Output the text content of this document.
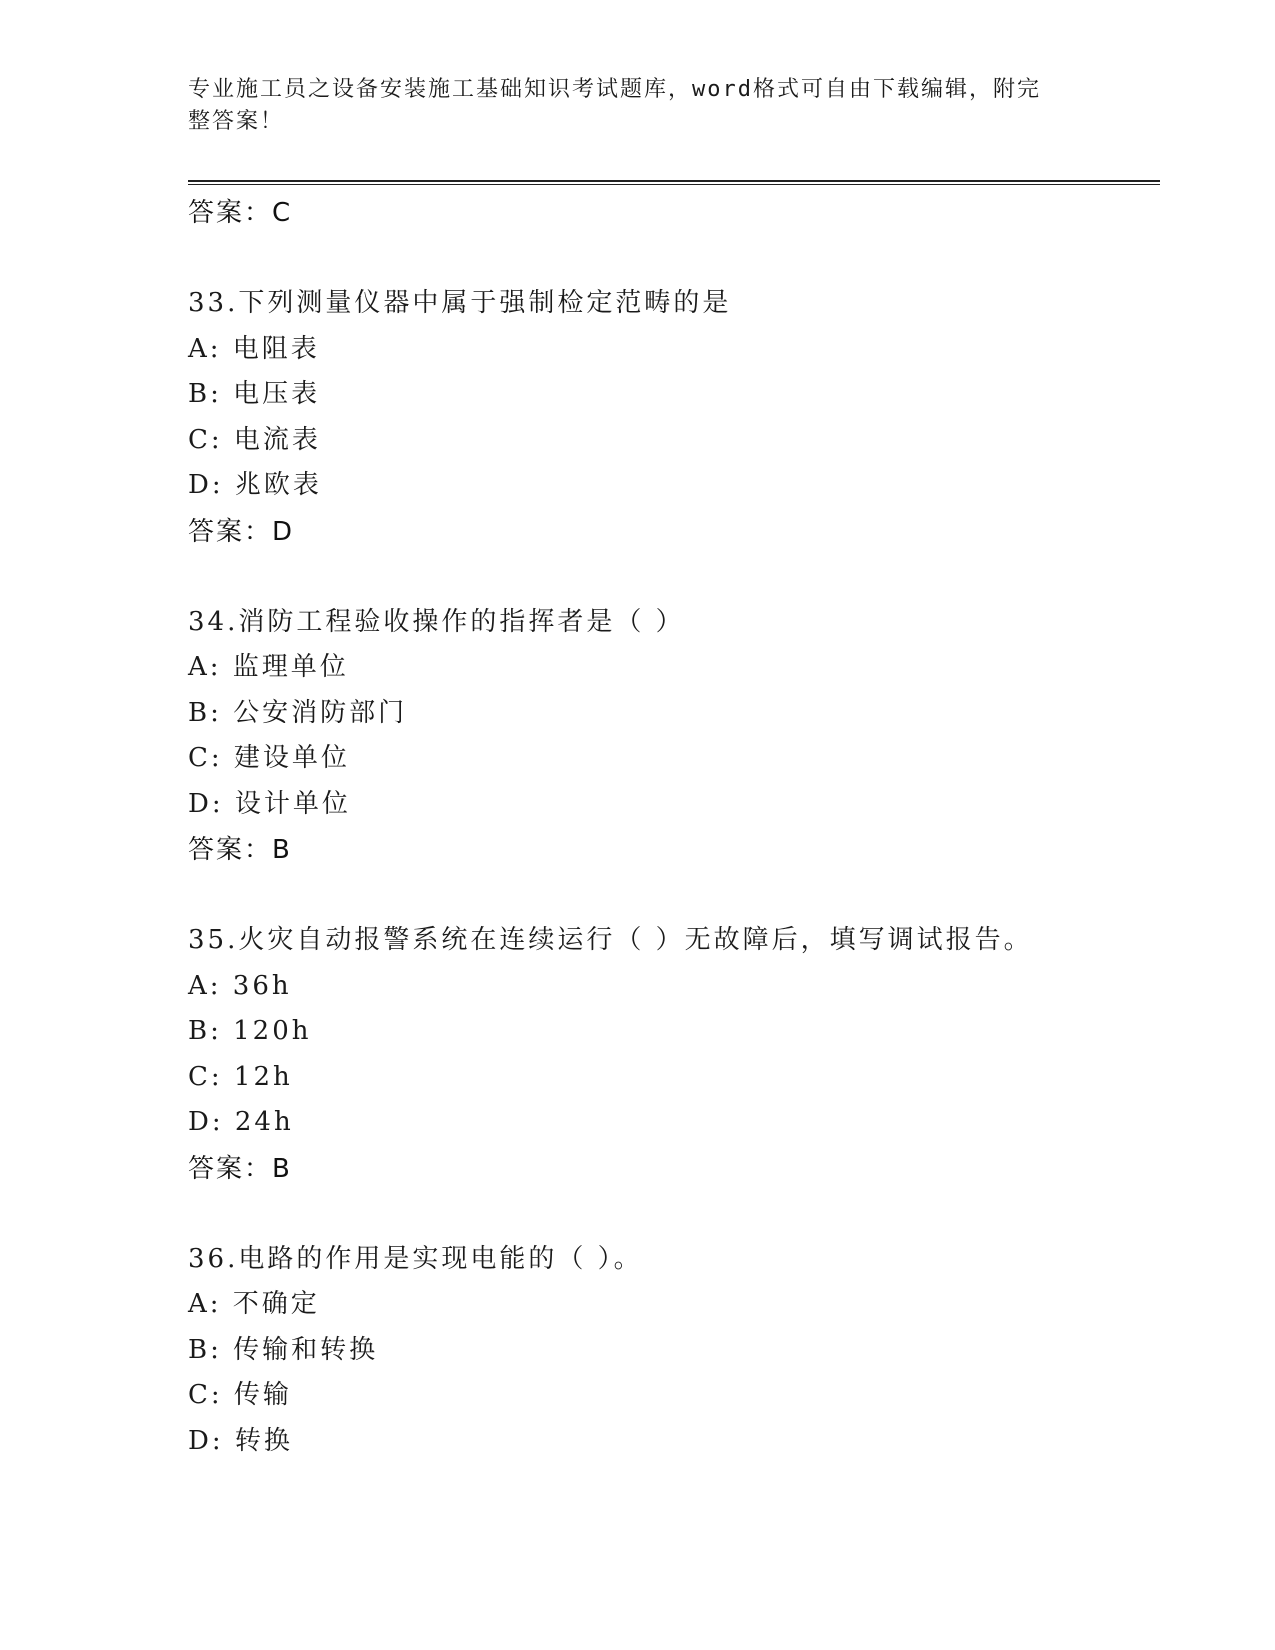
专业施工员之设备安装施工基础知识考试题库，word格式可自由下载编辑，附完
整答案！
答案：C
33.下列测量仪器中属于强制检定范畴的是
A: 电阻表
B: 电压表
C: 电流表
D: 兆欧表
答案：D
34.消防工程验收操作的指挥者是（ ）
A: 监理单位
B: 公安消防部门
C: 建设单位
D: 设计单位
答案：B
35.火灾自动报警系统在连续运行（ ）无故障后，填写调试报告。
A: 36h
B: 120h
C: 12h
D: 24h
答案：B
36.电路的作用是实现电能的（ ）。
A: 不确定
B: 传输和转换
C: 传输
D: 转换
